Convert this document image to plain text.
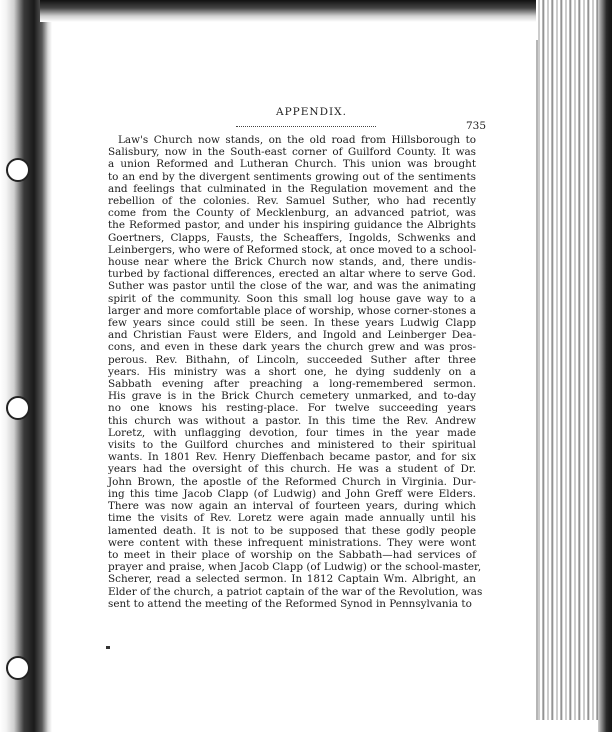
APPENDIX.
735
Law's Church now stands, on the old road from Hillsborough to
Salisbury, now in the South-east corner of Guilford County. It was
a union Reformed and Lutheran Church. This union was brought
to an end by the divergent sentiments growing out of the sentiments
and feelings that culminated in the Regulation movement and the
rebellion of the colonies. Rev. Samuel Suther, who had recently
come from the County of Mecklenburg, an advanced patriot, was
the Reformed pastor, and under his inspiring guidance the Albrights
Goertners, Clapps, Fausts, the Scheaffers, Ingolds, Schwenks and
Leinbergers, who were of Reformed stock, at once moved to a school-
house near where the Brick Church now stands, and, there undis-
turbed by factional differences, erected an altar where to serve God.
Suther was pastor until the close of the war, and was the animating
spirit of the community. Soon this small log house gave way to a
larger and more comfortable place of worship, whose corner-stones a
few years since could still be seen. In these years Ludwig Clapp
and Christian Faust were Elders, and Ingold and Leinberger Dea-
cons, and even in these dark years the church grew and was pros-
perous. Rev. Bithahn, of Lincoln, succeeded Suther after three
years. His ministry was a short one, he dying suddenly on a
Sabbath evening after preaching a long-remembered sermon.
His grave is in the Brick Church cemetery unmarked, and to-day
no one knows his resting-place. For twelve succeeding years
this church was without a pastor. In this time the Rev. Andrew
Loretz, with unflagging devotion, four times in the year made
visits to the Guilford churches and ministered to their spiritual
wants. In 1801 Rev. Henry Dieffenbach became pastor, and for six
years had the oversight of this church. He was a student of Dr.
John Brown, the apostle of the Reformed Church in Virginia. Dur-
ing this time Jacob Clapp (of Ludwig) and John Greff were Elders.
There was now again an interval of fourteen years, during which
time the visits of Rev. Loretz were again made annually until his
lamented death. It is not to be supposed that these godly people
were content with these infrequent ministrations. They were wont
to meet in their place of worship on the Sabbath—had services of
prayer and praise, when Jacob Clapp (of Ludwig) or the school-master,
Scherer, read a selected sermon. In 1812 Captain Wm. Albright, an
Elder of the church, a patriot captain of the war of the Revolution, was
sent to attend the meeting of the Reformed Synod in Pennsylvania to
